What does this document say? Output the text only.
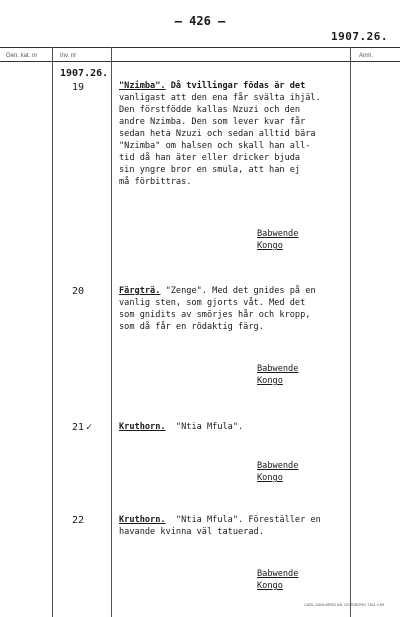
— 426 —
1907.26.
Gen. kat. nr	Inv. nr	Anm.
1907.26.
19	"Nzimba". Då tvillingar födas är det
vanligast att den ena får svälta ihjäl.
Den förstfödde kallas Nzuzi och den
andre Nzimba. Den som lever kvar får
sedan heta Nzuzi och sedan alltid bära
"Nzimba" om halsen och skall han all-
tid då han äter eller dricker bjuda
sin yngre bror en smula, att han ej
må förbittras.
Babwende
Kongo
20	Färgträ. "Zenge". Med det gnides på en
vanlig sten, som gjorts våt. Med det
som gnidits av smörjes hår och kropp,
som då får en rödaktig färg.
Babwende
Kongo
21 ✓	Kruthorn.  "Ntia Mfula".
Babwende
Kongo
22	Kruthorn.  "Ntia Mfula". Föreställer en
havande kvinna väl tatuerad.
Babwende
Kongo
CARL DAHLBERG AB, GÖTEBORG 7451 4 69
